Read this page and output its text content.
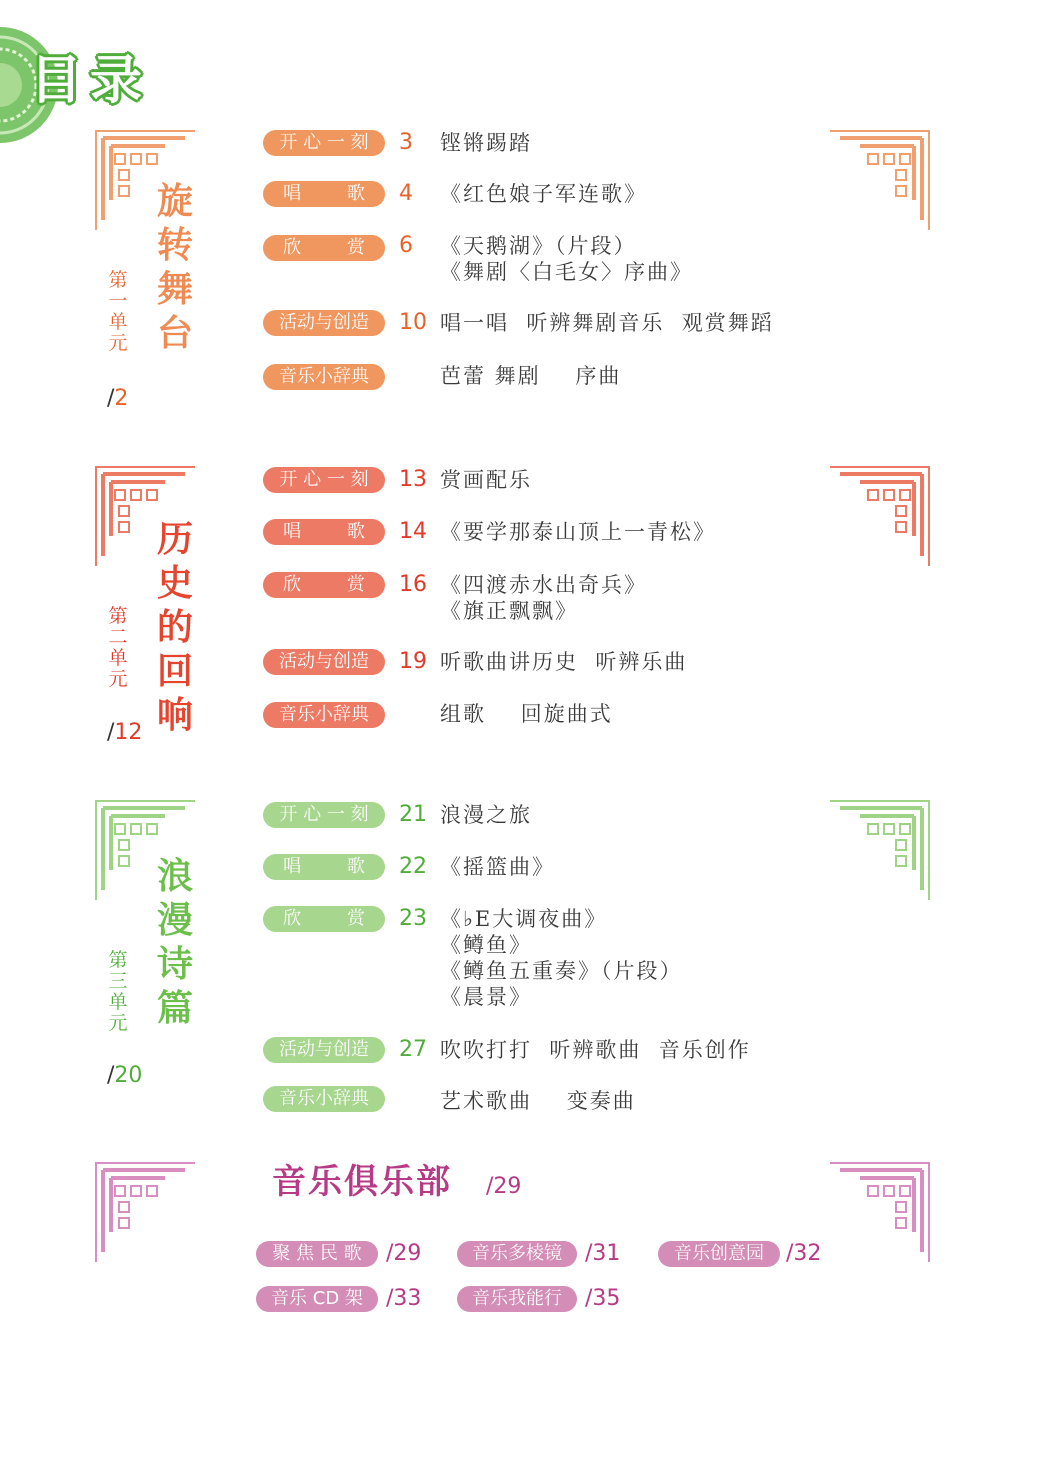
目录
旋
转
舞
台
第
一
单
元
/2
开 心 一 刻	3 铿锵踢踏
唱        歌	4 《红色娘子军连歌》
欣        赏	6 《天鹅湖》（片段）
《舞剧〈白毛女〉序曲》
活动与创造	10 唱一唱  听辨舞剧音乐  观赏舞蹈
音乐小辞典	芭蕾 舞剧    序曲
历
史
的
回
响
第
二
单
元
/12
开 心 一 刻	13 赏画配乐
唱        歌	14 《要学那泰山顶上一青松》
欣        赏	16 《四渡赤水出奇兵》
《旗正飘飘》
活动与创造	19 听歌曲讲历史  听辨乐曲
音乐小辞典	组歌    回旋曲式
浪
漫
诗
篇
第
三
单
元
/20
开 心 一 刻	21 浪漫之旅
唱        歌	22 《摇篮曲》
欣        赏	23 《♭E大调夜曲》
《鳟鱼》
《鳟鱼五重奏》（片段）
《晨景》
活动与创造	27 吹吹打打  听辨歌曲  音乐创作
音乐小辞典	艺术歌曲    变奏曲
音乐俱乐部 /29
聚 焦 民 歌	/29	音乐多棱镜	/31	音乐创意园	/32
音乐 CD 架	/33	音乐我能行	/35
